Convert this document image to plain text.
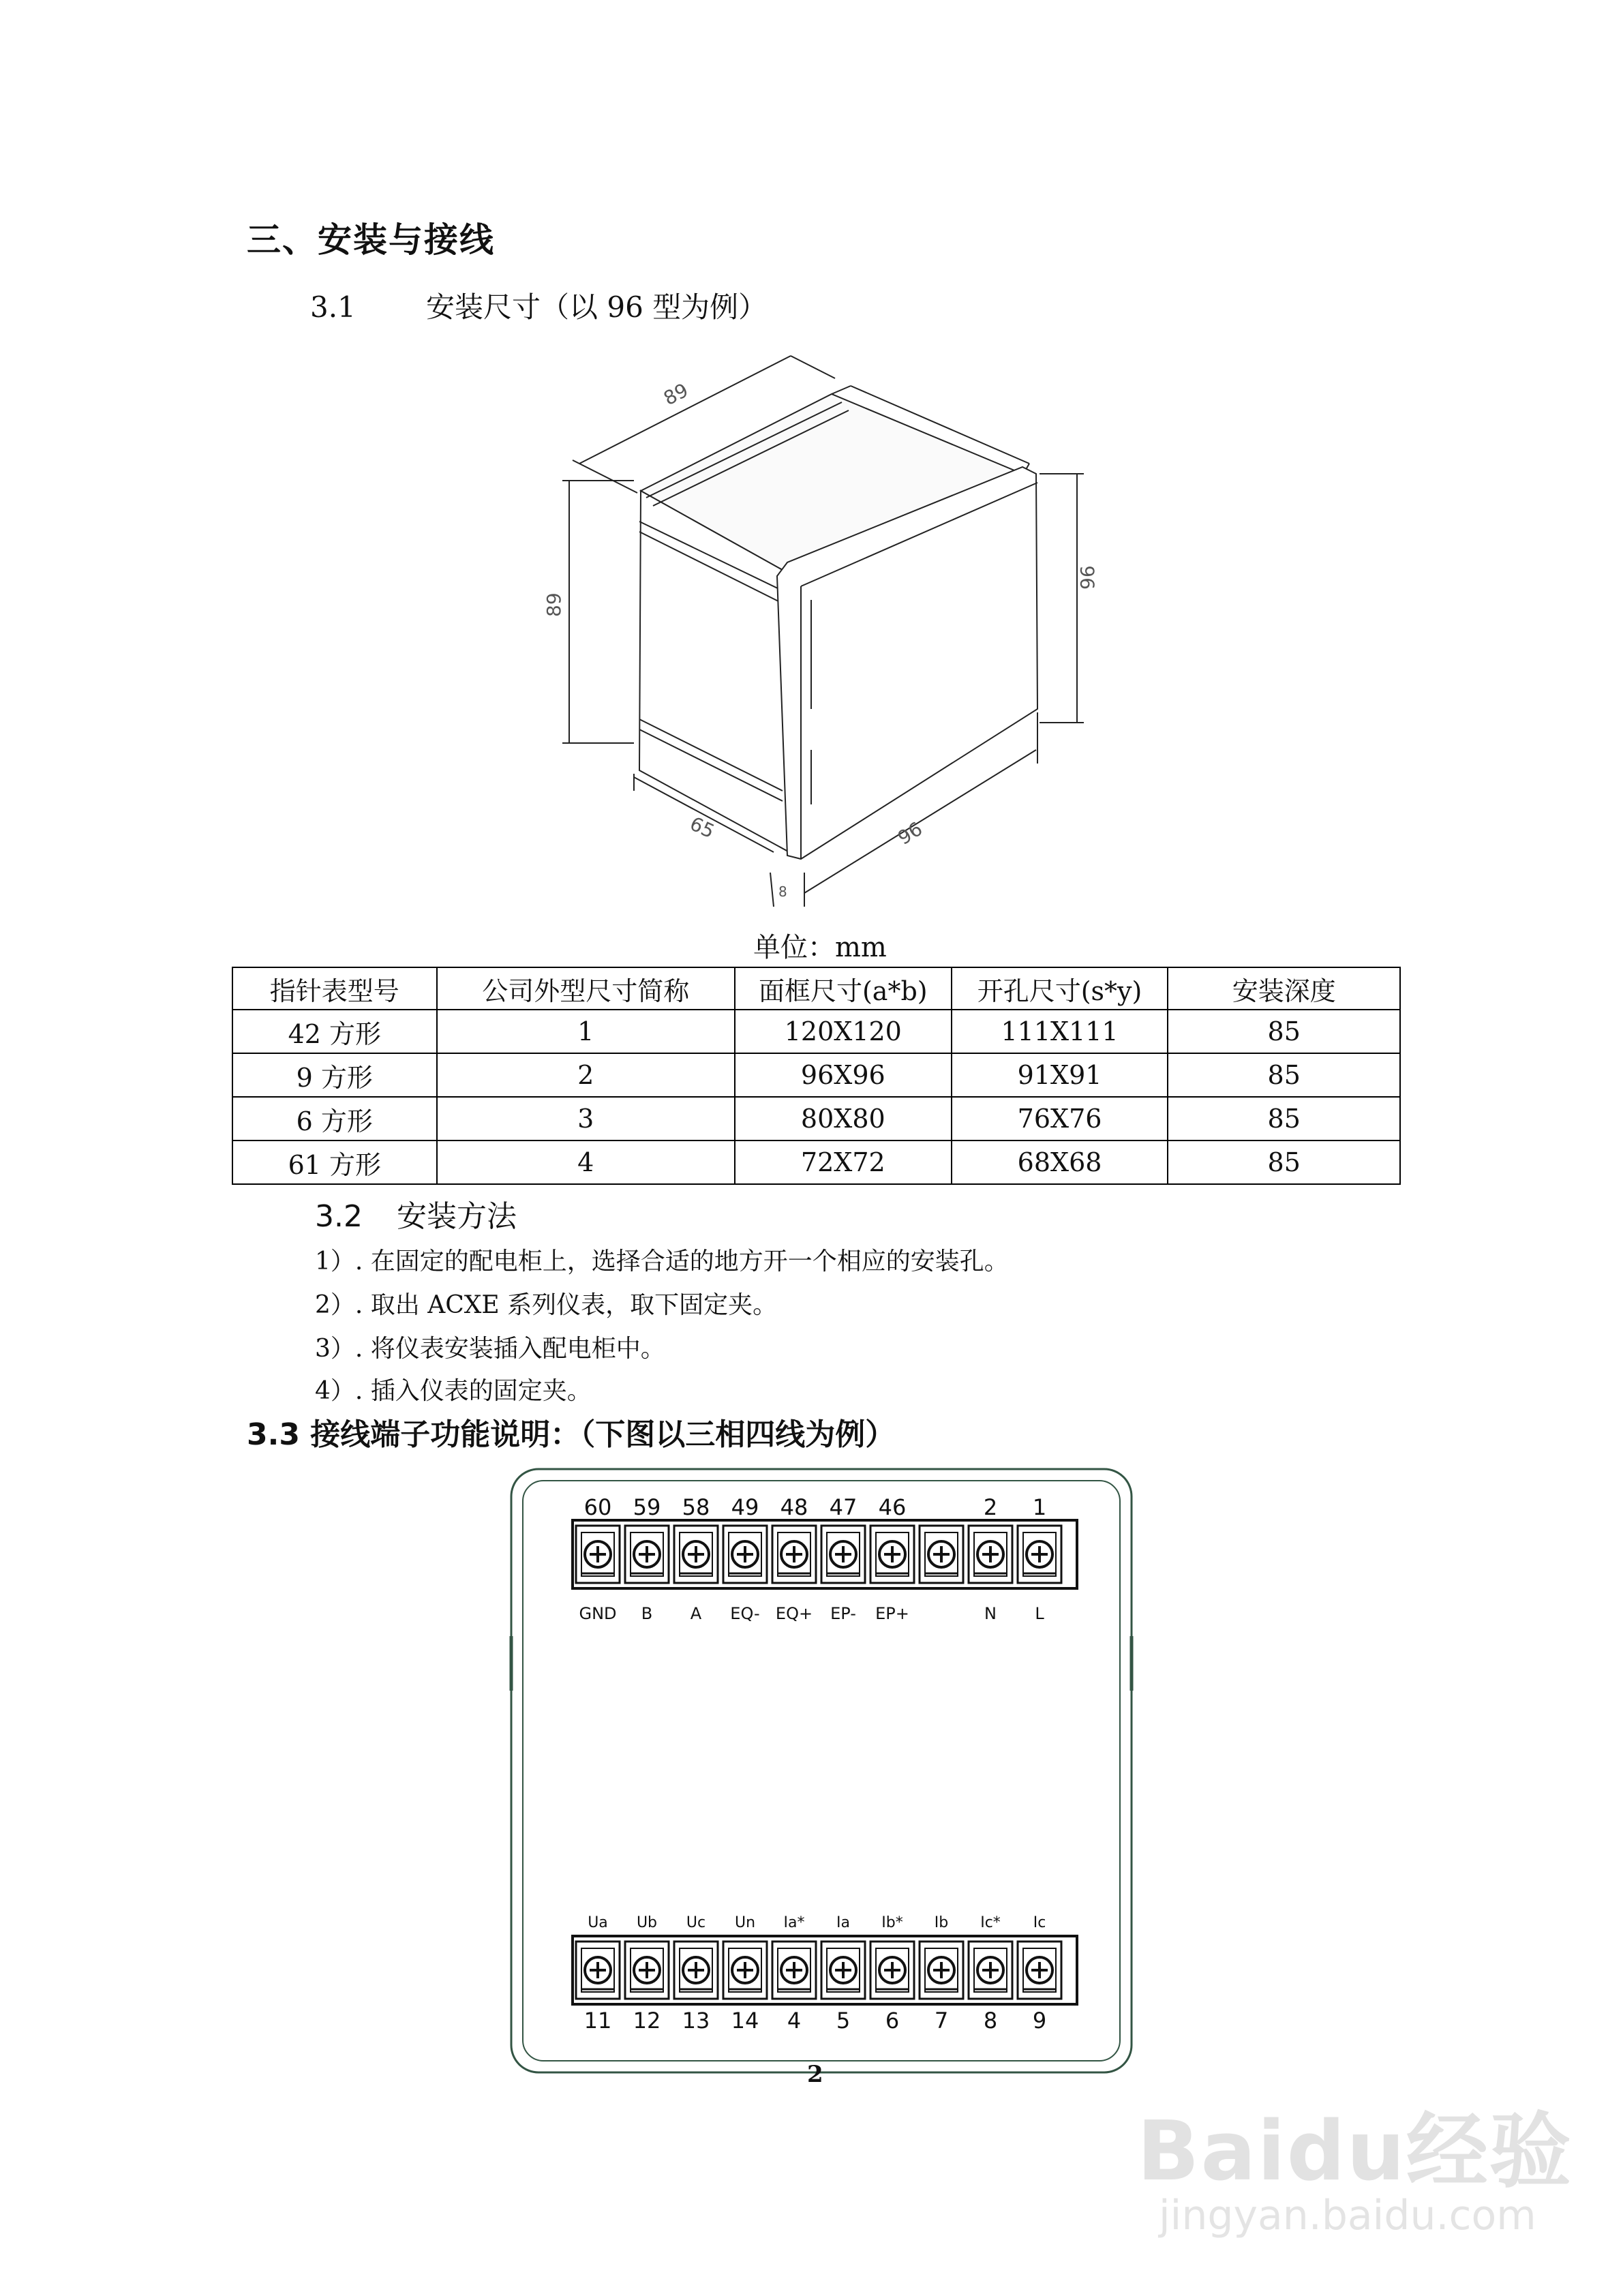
三、安装与接线
3.1 安装尺寸（以 96 型为例）
89
89
96
65	96
8
单位：mm
指针表型号	公司外型尺寸简称	面框尺寸(a*b)	开孔尺寸(s*y)	安装深度
42 方形	1	120X120	111X111	85
9 方形	2	96X96	91X91	85
6 方形	3	80X80	76X76	85
61 方形	4	72X72	68X68	85
3.2 安装方法
1）. 在固定的配电柜上，选择合适的地方开一个相应的安装孔。
2）. 取出 ACXE 系列仪表，取下固定夹。
3）. 将仪表安装插入配电柜中。
4）. 插入仪表的固定夹。
3.3 接线端子功能说明：（下图以三相四线为例）
60 59 58 49 48 47 46	2 1
GND B A EQ- EQ+ EP- EP+	N L
Ua Ub Uc Un Ia* Ia Ib* Ib Ic* Ic
11 12 13 14 4 5 6 7 8 9
2
Baidu经验
jingyan.baidu.com
